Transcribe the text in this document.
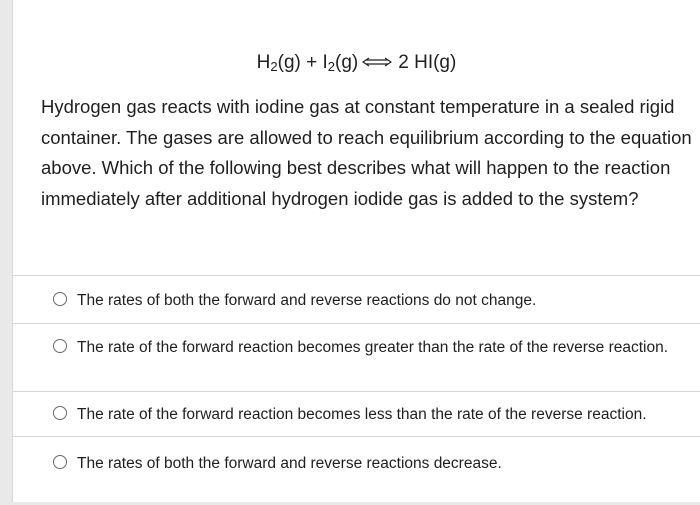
$H_2(g) + I_2(g)$ ⇌ 2 HI(g)
Hydrogen gas reacts with iodine gas at constant temperature in a sealed rigid container. The gases are allowed to reach equilibrium according to the equation above. Which of the following best describes what will happen to the reaction immediately after additional hydrogen iodide gas is added to the system?
The rates of both the forward and reverse reactions do not change.
The rate of the forward reaction becomes greater than the rate of the reverse reaction.
The rate of the forward reaction becomes less than the rate of the reverse reaction.
The rates of both the forward and reverse reactions decrease.
